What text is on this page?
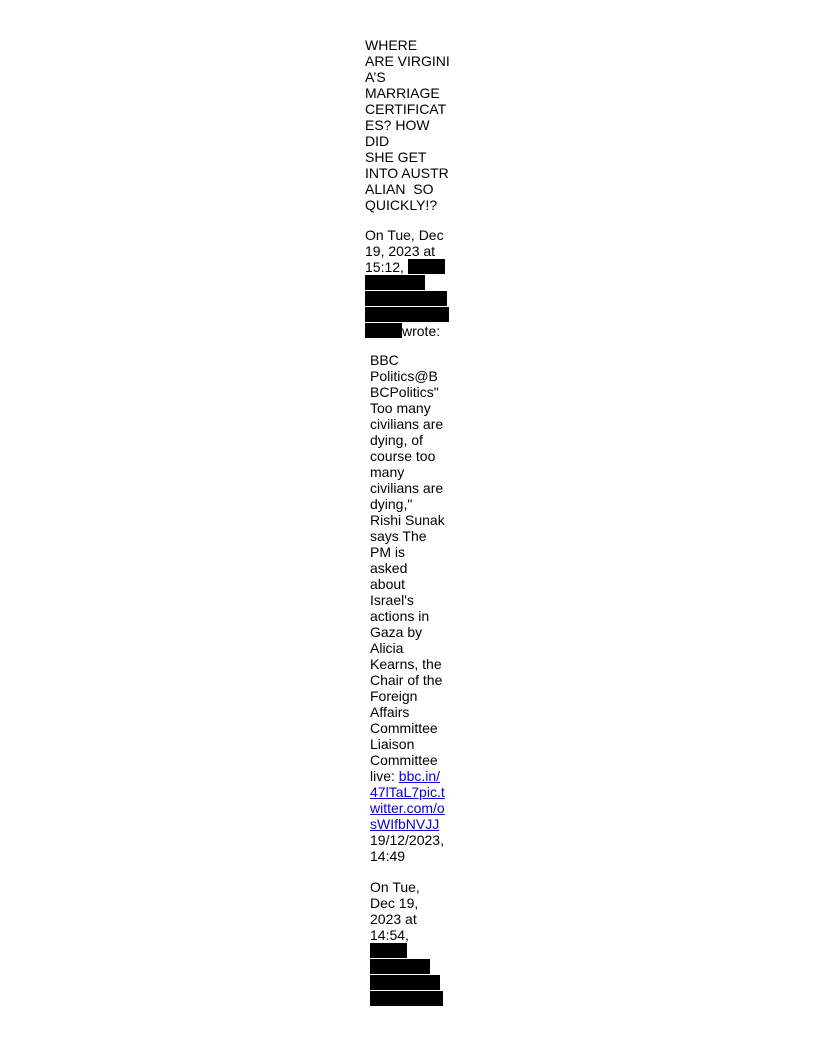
WHERE
ARE VIRGINI
A’S
MARRIAGE
CERTIFICAT
ES? HOW
DID
SHE GET
INTO AUSTR
ALIAN  SO
QUICKLY!?
On Tue, Dec
19, 2023 at
15:12,
wrote:
BBC
Politics@B
BCPolitics"
Too many
civilians are
dying, of
course too
many
civilians are
dying,"
Rishi Sunak
says The
PM is
asked
about
Israel's
actions in
Gaza by
Alicia
Kearns, the
Chair of the
Foreign
Affairs
Committee
Liaison
Committee
live: bbc.in/
47lTaL7pic.t
witter.com/o
sWIfbNVJJ
19/12/2023,
14:49
On Tue,
Dec 19,
2023 at
14:54,
